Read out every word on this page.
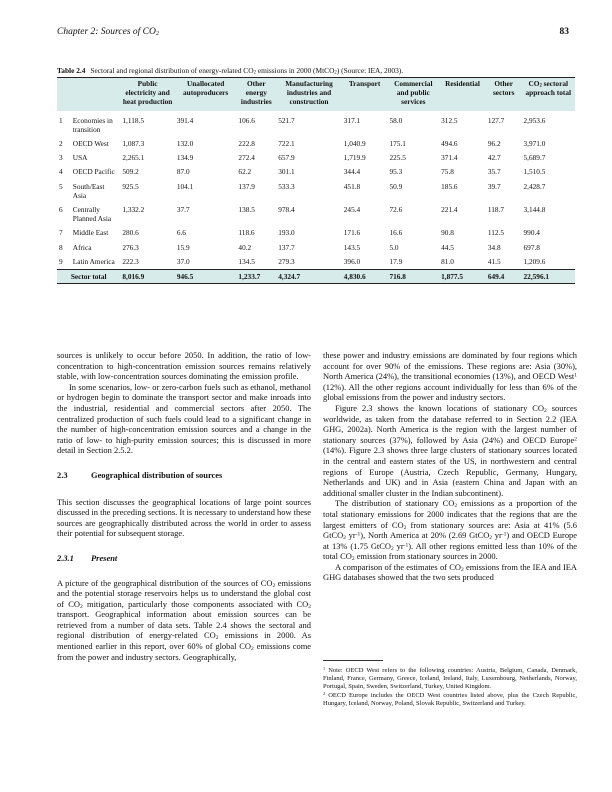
Chapter 2: Sources of $CO_2$	83
Table 2.4 Sectoral and regional distribution of energy-related $CO_2$ emissions in 2000 (MtCO$_2$) (Source: IEA, 2003).
		Public electricity and heat production	Unallocated autoproducers	Other energy industries	Manufacturing industries and construction	Transport	Commercial and public services	Residential	Other sectors	$CO_2$ sectoral approach total
1	Economies in transition	1,118.5	391.4	106.6	521.7	317.1	58.0	312.5	127.7	2,953.6
2	OECD West	1,087.3	132.0	222.8	722.1	1,040.9	175.1	494.6	96.2	3,971.0
3	USA	2,265.1	134.9	272.4	657.9	1,719.9	225.5	371.4	42.7	5,689.7
4	OECD Pacific	509.2	87.0	62.2	301.1	344.4	95.3	75.8	35.7	1,510.5
5	South/East Asia	925.5	104.1	137.9	533.3	451.8	50.9	185.6	39.7	2,428.7
6	Centrally Planned Asia	1,332.2	37.7	138.5	978.4	245.4	72.6	221.4	118.7	3,144.8
7	Middle East	280.6	6.6	118.6	193.0	171.6	16.6	90.8	112.5	990.4
8	Africa	276.3	15.9	40.2	137.7	143.5	5.0	44.5	34.8	697.8
9	Latin America	222.3	37.0	134.5	279.3	396.0	17.9	81.0	41.5	1,209.6
Sector total		8,016.9	946.5	1,233.7	4,324.7	4,830.6	716.8	1,877.5	649.4	22,596.1

sources is unlikely to occur before 2050. In addition, the ratio of low-concentration to high-concentration emission sources remains relatively stable, with low-concentration sources dominating the emission profile.

In some scenarios, low- or zero-carbon fuels such as ethanol, methanol or hydrogen begin to dominate the transport sector and make inroads into the industrial, residential and commercial sectors after 2050. The centralized production of such fuels could lead to a significant change in the number of high-concentration emission sources and a change in the ratio of low- to high-purity emission sources; this is discussed in more detail in Section 2.5.2.

2.3	Geographical distribution of sources

This section discusses the geographical locations of large point sources discussed in the preceding sections. It is necessary to understand how these sources are geographically distributed across the world in order to assess their potential for subsequent storage.

2.3.1 Present

A picture of the geographical distribution of the sources of $CO_2$ emissions and the potential storage reservoirs helps us to understand the global cost of $CO_2$ mitigation, particularly those components associated with $CO_2$ transport. Geographical information about emission sources can be retrieved from a number of data sets. Table 2.4 shows the sectoral and regional distribution of energy-related $CO_2$ emissions in 2000. As mentioned earlier in this report, over 60% of global $CO_2$ emissions come from the power and industry sectors. Geographically,

these power and industry emissions are dominated by four regions which account for over 90% of the emissions. These regions are: Asia (30%), North America (24%), the transitional economies (13%), and OECD West$^1$ (12%). All the other regions account individually for less than 6% of the global emissions from the power and industry sectors.

Figure 2.3 shows the known locations of stationary $CO_2$ sources worldwide, as taken from the database referred to in Section 2.2 (IEA GHG, 2002a). North America is the region with the largest number of stationary sources (37%), followed by Asia (24%) and OECD Europe$^2$ (14%). Figure 2.3 shows three large clusters of stationary sources located in the central and eastern states of the US, in northwestern and central regions of Europe (Austria, Czech Republic, Germany, Hungary, Netherlands and UK) and in Asia (eastern China and Japan with an additional smaller cluster in the Indian subcontinent).

The distribution of stationary $CO_2$ emissions as a proportion of the total stationary emissions for 2000 indicates that the regions that are the largest emitters of $CO_2$ from stationary sources are: Asia at 41% (5.6 GtCO$_2$ $yr^{-1}$), North America at 20% (2.69 GtCO$_2$ $yr^{-1}$) and OECD Europe at 13% (1.75 GtCO$_2$ $yr^{-1}$). All other regions emitted less than 10% of the total $CO_2$ emission from stationary sources in 2000.

A comparison of the estimates of $CO_2$ emissions from the IEA and IEA GHG databases showed that the two sets produced

$^1$ Note: OECD West refers to the following countries: Austria, Belgium, Canada, Denmark, Finland, France, Germany, Greece, Iceland, Ireland, Italy, Luxembourg, Netherlands, Norway, Portugal, Spain, Sweden, Switzerland, Turkey, United Kingdom.

$^2$ OECD Europe includes the OECD West countries listed above, plus the Czech Republic, Hungary, Iceland, Norway, Poland, Slovak Republic, Switzerland and Turkey.
